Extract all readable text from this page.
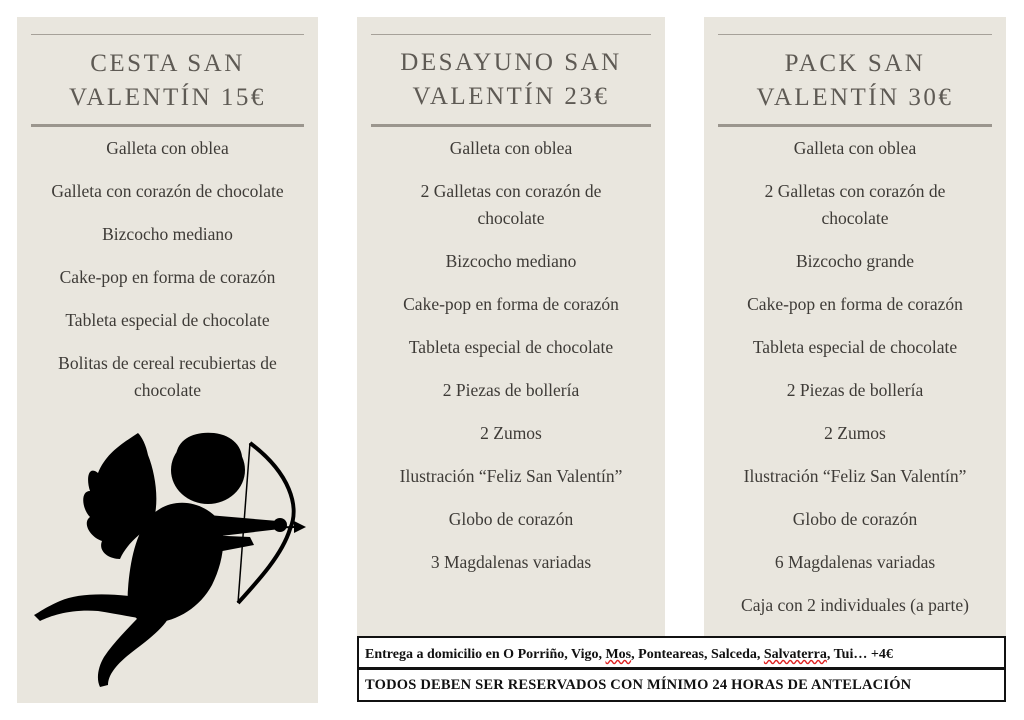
CESTA SAN
VALENTÍN 15€
Galleta con oblea
Galleta con corazón de chocolate
Bizcocho mediano
Cake-pop en forma de corazón
Tableta especial de chocolate
Bolitas de cereal recubiertas de chocolate
DESAYUNO SAN
VALENTÍN 23€
Galleta con oblea
2 Galletas con corazón de chocolate
Bizcocho mediano
Cake-pop en forma de corazón
Tableta especial de chocolate
2 Piezas de bollería
2 Zumos
Ilustración “Feliz San Valentín”
Globo de corazón
3 Magdalenas variadas
PACK SAN
VALENTÍN 30€
Galleta con oblea
2 Galletas con corazón de chocolate
Bizcocho grande
Cake-pop en forma de corazón
Tableta especial de chocolate
2 Piezas de bollería
2 Zumos
Ilustración “Feliz San Valentín”
Globo de corazón
6 Magdalenas variadas
Caja con 2 individuales (a parte)
Entrega a domicilio en O Porriño, Vigo, Mos, Ponteareas, Salceda, Salvaterra, Tui… +4€
TODOS DEBEN SER RESERVADOS CON MÍNIMO 24 HORAS DE ANTELACIÓN
